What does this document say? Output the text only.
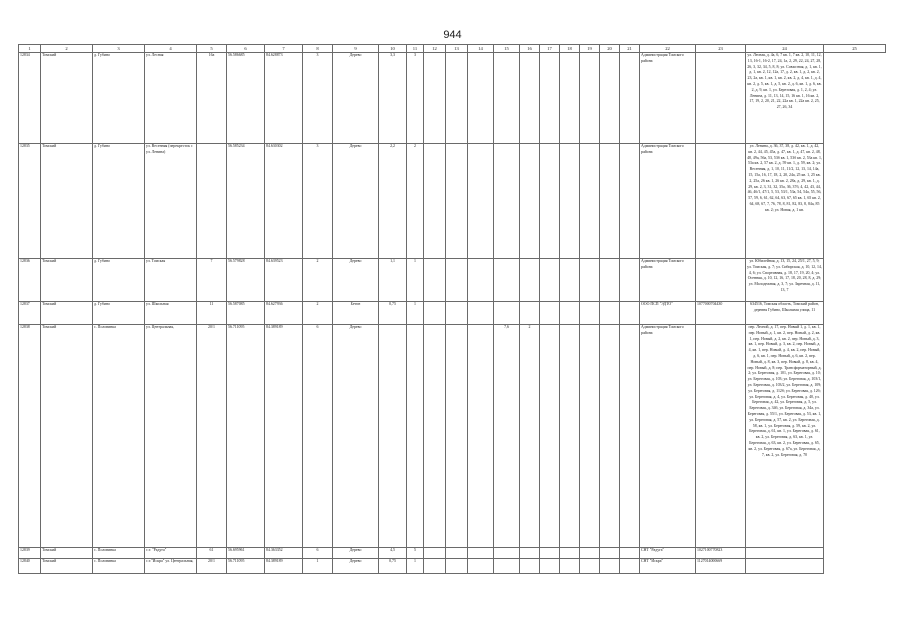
944
1	2	3	4	5	6	7	8	9	10	11	12	13	14	15	16	17	18	19	20	21	22	23	24	25

12834	Томский	д. Губино	ул. Лесная	16а	56.586685	84.628873	3	Дерево	3,3	3											Администрация Томского района		ул. Лесная, д. 4а, 6, 7 кв. 1, 7 кв. 2, 10, 11, 12, 13, 16-1, 16-2, 17, 24, 1а, 2, 29, 22, 24, 27, 28, 26, 3, 32, 34, 5, 8, 8; ул. Совхозная, д. 1, кв. 1, д. 1, кв. 2, 12, 12а, 17, д. 2, кв. 1, д. 2, кв. 2, 23, 2а, кв. 1, кв. 1, кв. 2, кв. 2, д. 4, кв. 1, д. 4, кв. 2, д. 5, кв. 1, д. 5, кв. 2, д. 6, кв. 1, д. 6, кв. 2, д. 9, кв. 1, ул. Березовая, д. 1, 2, 4; ул. Ленина, д. 11, 13, 14, 15, 16 кв. 1, 16 кв. 2, 17, 19, 2, 20, 21, 22, 22а кв. 1, 22а кв. 2, 25, 27, 26, 34	

12835	Томский	д. Губино	ул. Весенняя (перекресток с ул. Ленина)		56.585234	84.630302	3	Дерево	2,2	2											Администрация Томского района		ул. Ленина, д. 36, 37, 38, д. 42, кв. 1, д. 42, кв. 2, 44, 45, 45а, д. 47, кв. 1, д. 47, кв. 2, 48, 48, 49а, 56а, 53, 53б кв. 1, 53б кв. 2, 53а кв. 1, 53а кв. 2, 57 кв. 2, д. 59 кв. 1, д. 59, кв. 2; ул. Весенняя, д. 1, 10, 11, 11/2, 12, 13, 14, 14а, 15, 15а, 16, 17, 18, 2, 20, 24а, 25 кв. 1, 25 кв. 2, 25а, 26 кв. 1, 26 кв. 2, 28а, д. 29, кв. 1, д. 29, кв. 2, 3, 31, 32, 35а, 36, 37б, 4, 42, 43, 44, 46, 46/1, 47/1, 5, 53, 53/1, 53а, 54, 54а, 55, 56, 57, 59, 6, 61, 62, 64, 63, 67, 65 кв. 1, 65 кв. 2, 64, 68, 67, 7, 76, 78, 8, 81, 82, 83, 8, 84а, 85 кв. 2; ул. Новая, д. 1 кв.	

12836	Томский	д. Губино	ул. Томская	7	56.579828	84.639523	2	Дерево	1,1	1											Администрация Томского района		ул. Юбилейная, д. 13, 15, 24, 25/1, 27, 5, 9; ул. Томская, д. 7; ул. Сибирская, д. 10, 12, 14, 4, 6; ул. Спортивная, д. 18, 17, 19, 20, 4; ул. Осенняя, д. 10, 12, 16, 17, 18, 20, 28, 8, д. 29; ул. Молодежная, д. 3, 7; ул. Заречная, д. 11, 13, 7	

12837	Томский	д. Губино	ул. Школьная	11	56.587085	84.627936	2	Бетон	0,75	1											ООО ПСП "ЭДТО"	1077000704430	634516, Томская область, Томский район, деревня Губино, Школьная улица, 11	

12838	Томский	с. Половинка	ул. Центральная,	20/1	56.711095	84.389189	6	Дерево						7,6	2						Администрация Томского района		пер. Лесной, д. 17, пер. Новый 1, д. 1, кв. 1, пер. Новый, д. 1, кв. 2, пер. Новый, д. 2, кв. 1, пер. Новый, д. 2, кв. 2, пер. Новый, д. 3, кв. 1, пер. Новый, д. 3, кв. 2, пер. Новый, д. 4, кв. 1, пер. Новый, д. 4, кв. 2, пер. Новый, д. 6, кв. 1, пер. Новый, д. 6, кв. 2, пер. Новый, д. 8, кв. 3, пер. Новый, д. 8, кв. 4, пер. Новый, д. 8; пер. Трансформаторный, д. 2; ул. Береговая, д. 101, ул. Береговая, д. 10; ул. Береговая, д. 103; ул. Береговая, д. 103/1, ул. Береговая, д. 103/2, ул. Береговая, д. 109; ул. Береговая, д. 112б; ул. Береговая, д. 12б; ул. Береговая, д. 4, ул. Береговая, д. 40, ул. Береговая, д. 42, ул. Береговая, д. 5, ул. Береговая, д. 34б, ул. Береговая, д. 34а, ул. Береговая, д. 55/1, ул. Береговая, д. 53, кв. 1, ул. Береговая, д. 57, кв. 2, ул. Береговая, д. 58, кв. 1, ул. Береговая, д. 59, кв. 2, ул. Береговая, д. 61, кв. 1, ул. Береговая, д. 61, кв. 2, ул. Береговая, д. 63, кв. 1, ул. Береговая, д. 63, кв. 2, ул. Береговая, д. 65, кв. 2, ул. Береговая, д. 67а, ул. Береговая, д. 7, кв. 2, ул. Береговая, д. 70	

12839	Томский	с. Половинка	с.т. "Радуга"	61	56.695961	84.363352	6	Дерево	4,5	5											СНТ "Радуга"	1027100770823		

12840	Томский	с. Половинка	с.т."Искра" ул. Центральная,	20/1	56.711095	84.389189	1	Дерево	0,75	1											СНТ "Искра"	1127014000669		
